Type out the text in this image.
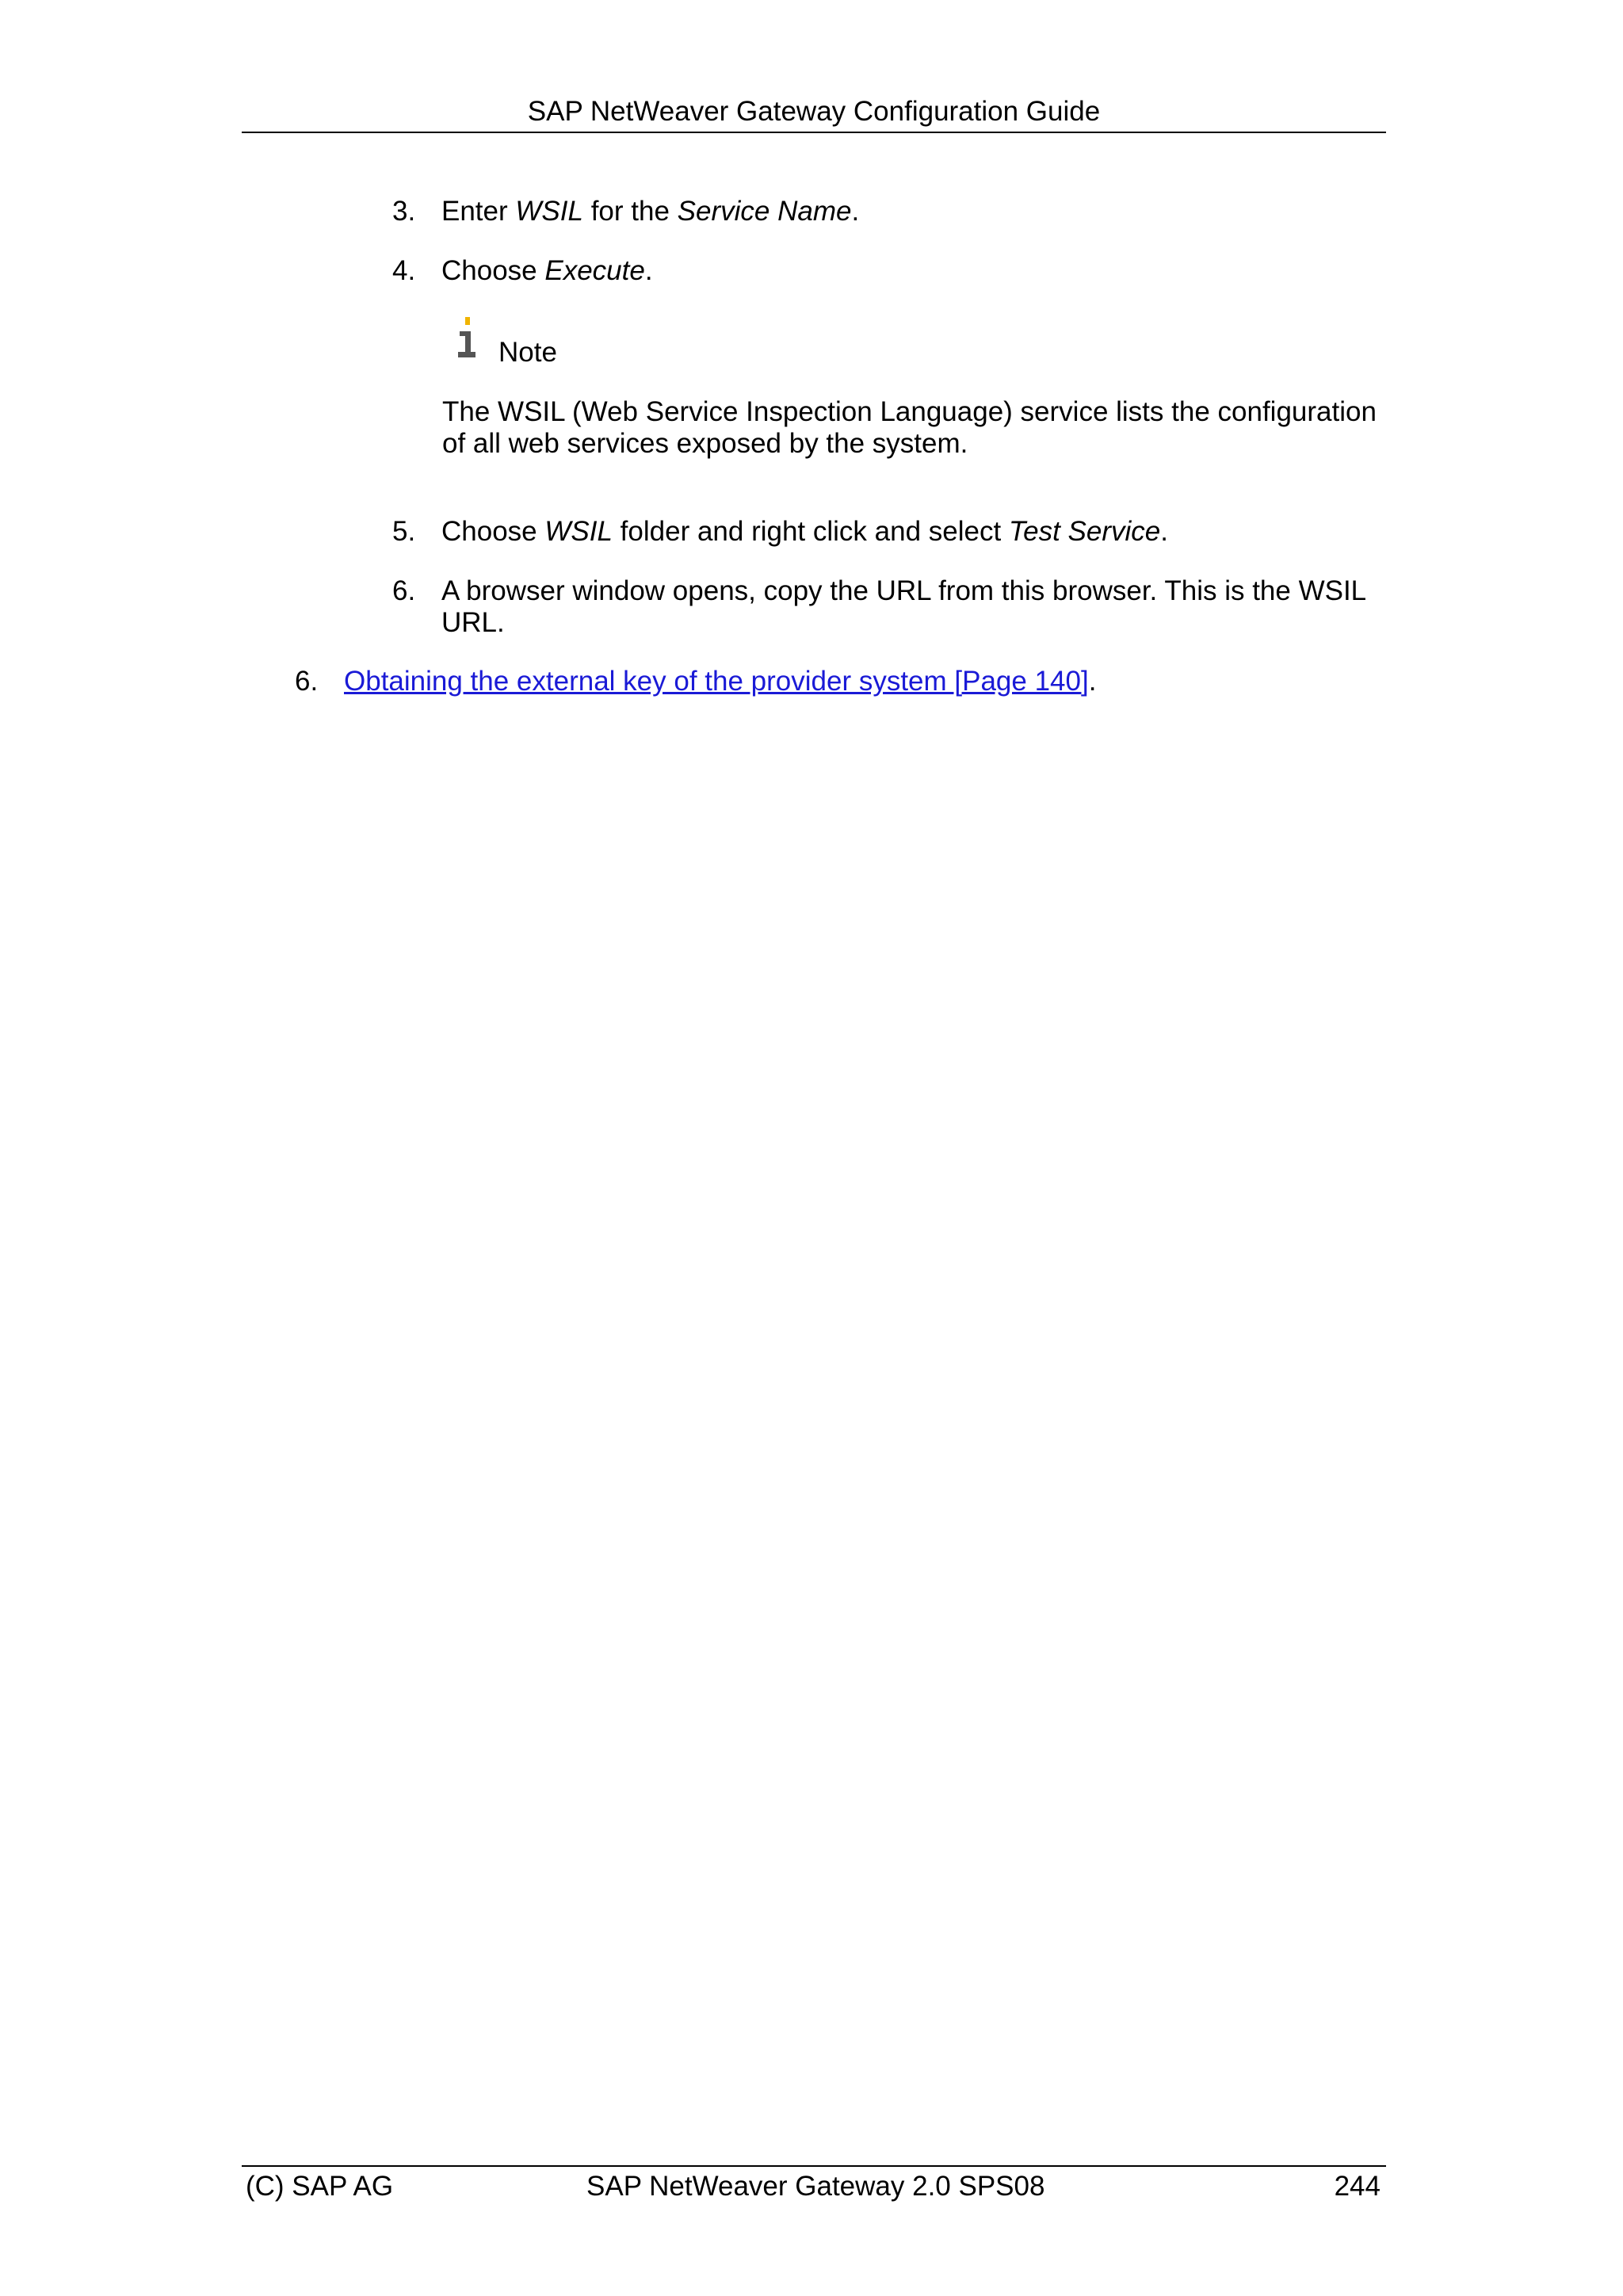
SAP NetWeaver Gateway Configuration Guide
3. Enter WSIL for the Service Name.
4. Choose Execute.
Note
The WSIL (Web Service Inspection Language) service lists the configuration of all web services exposed by the system.
5. Choose WSIL folder and right click and select Test Service.
6. A browser window opens, copy the URL from this browser. This is the WSIL URL.
6. Obtaining the external key of the provider system [Page 140].
(C) SAP AG	SAP NetWeaver Gateway 2.0 SPS08	244
